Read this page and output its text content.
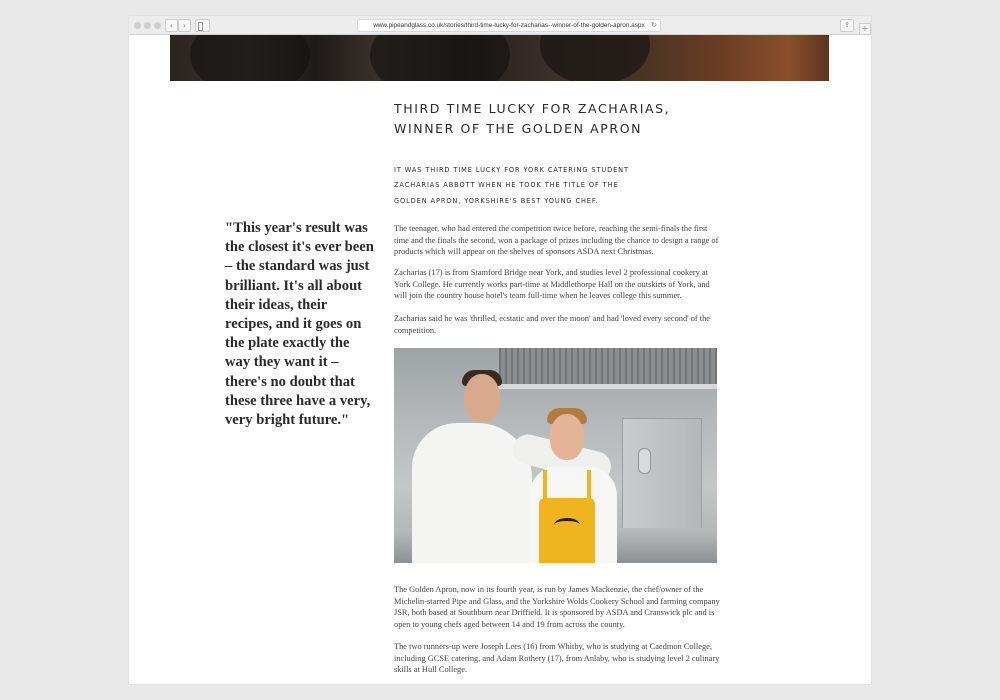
‹	›	www.pipeandglass.co.uk/stories/third-time-lucky-for-zacharias--winner-of-the-golden-apron.aspx ↻	⇪	+
THIRD TIME LUCKY FOR ZACHARIAS,
WINNER OF THE GOLDEN APRON

IT WAS THIRD TIME LUCKY FOR YORK CATERING STUDENT
ZACHARIAS ABBOTT WHEN HE TOOK THE TITLE OF THE
GOLDEN APRON, YORKSHIRE'S BEST YOUNG CHEF.

The teenager, who had entered the competition twice before, reaching the semi-finals the first time and the finals the second, won a package of prizes including the chance to design a range of products which will appear on the shelves of sponsors ASDA next Christmas.

Zacharias (17) is from Stamford Bridge near York, and studies level 2 professional cookery at York College. He currently works part-time at Middlethorpe Hall on the outskirts of York, and will join the country house hotel's team full-time when he leaves college this summer.

Zacharias said he was 'thrilled, ecstatic and over the moon' and had 'loved every second' of the competition.

"This year's result was the closest it's ever been – the standard was just brilliant. It's all about their ideas, their recipes, and it goes on the plate exactly the way they want it – there's no doubt that these three have a very, very bright future."

The Golden Apron, now in its fourth year, is run by James Mackenzie, the chef/owner of the Michelin-starred Pipe and Glass, and the Yorkshire Wolds Cookery School and farming company JSR, both based at Southburn near Driffield. It is sponsored by ASDA and Cranswick plc and is open to young chefs aged between 14 and 19 from across the county.

The two runners-up were Joseph Lees (16) from Whitby, who is studying at Caedmon College, including GCSE catering, and Adam Rothery (17), from Anlaby, who is studying level 2 culinary skills at Hull College.
